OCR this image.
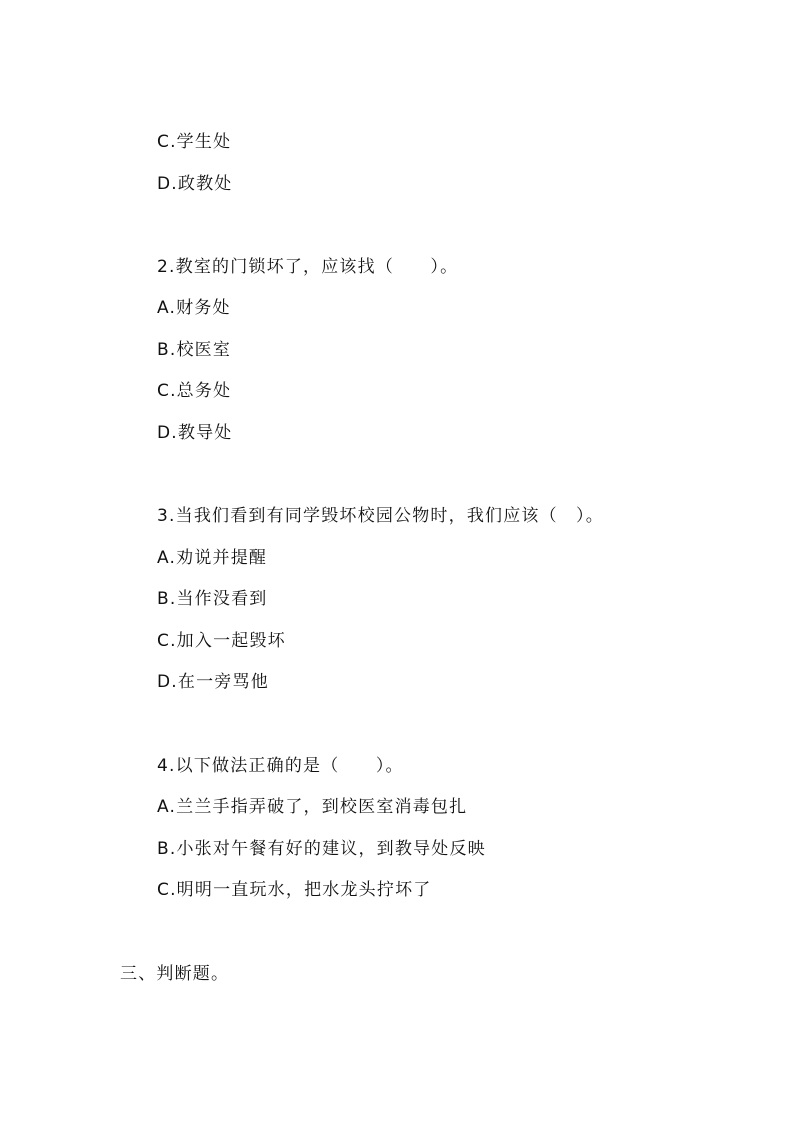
C.学生处
D.政教处
2.教室的门锁坏了，应该找（　　）。
A.财务处
B.校医室
C.总务处
D.教导处
3.当我们看到有同学毁坏校园公物时，我们应该（　）。
A.劝说并提醒
B.当作没看到
C.加入一起毁坏
D.在一旁骂他
4.以下做法正确的是（　　）。
A.兰兰手指弄破了，到校医室消毒包扎
B.小张对午餐有好的建议，到教导处反映
C.明明一直玩水，把水龙头拧坏了
三、判断题。
